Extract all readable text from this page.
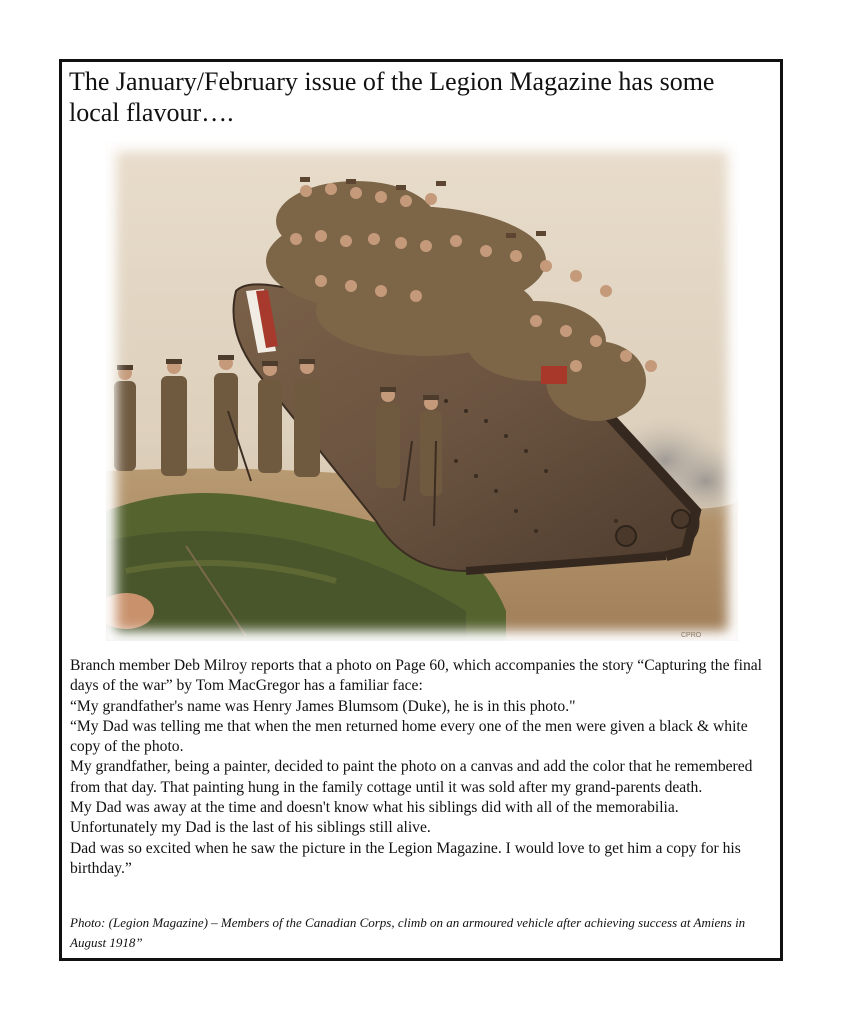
The January/February issue of the Legion Magazine has some local flavour….
CPRO

Branch member Deb Milroy reports that a photo on Page 60, which accompanies the story “Capturing the final days of the war” by Tom MacGregor has a familiar face:

“My grandfather's name was Henry James Blumsom (Duke), he is in this photo."

“My Dad was telling me that when the men returned home every one of the men were given a black & white copy of the photo.

My grandfather, being a painter, decided to paint the photo on a canvas and add the color that he remembered from that day. That painting hung in the family cottage until it was sold after my grand-parents death.

My Dad was away at the time and doesn't know what his siblings did with all of the memorabilia.

Unfortunately my Dad is the last of his siblings still alive.

Dad was so excited when he saw the picture in the Legion Magazine. I would love to get him a copy for his birthday.”

Photo: (Legion Magazine) – Members of the Canadian Corps, climb on an armoured vehicle after achieving success at Amiens in August 1918”
